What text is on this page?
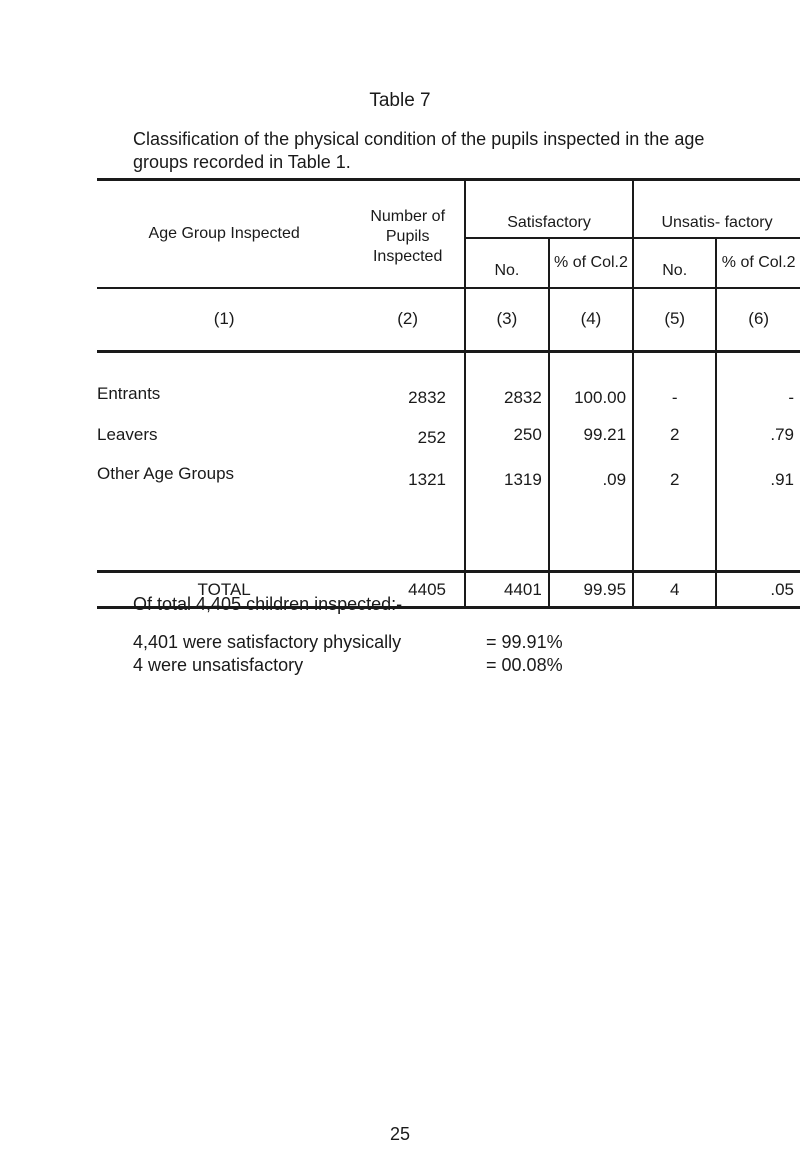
Table 7
Classification of the physical condition of the pupils inspected in the age groups recorded in Table 1.
Age Group Inspected	Number of Pupils Inspected	Satisfactory		Unsatis- factory	
		No.	% of Col.2	No.	% of Col.2
(1)	(2)	(3)	(4)	(5)	(6)
Entrants	2832	2832	100.00	-	-
Leavers	252	250	99.21	2	.79
Other Age Groups	1321	1319	.09	2	.91
TOTAL	4405	4401	99.95	4	.05
Of total 4,405 children inspected:-
4,401 were satisfactory physically	= 99.91%
4 were unsatisfactory	= 00.08%
25
